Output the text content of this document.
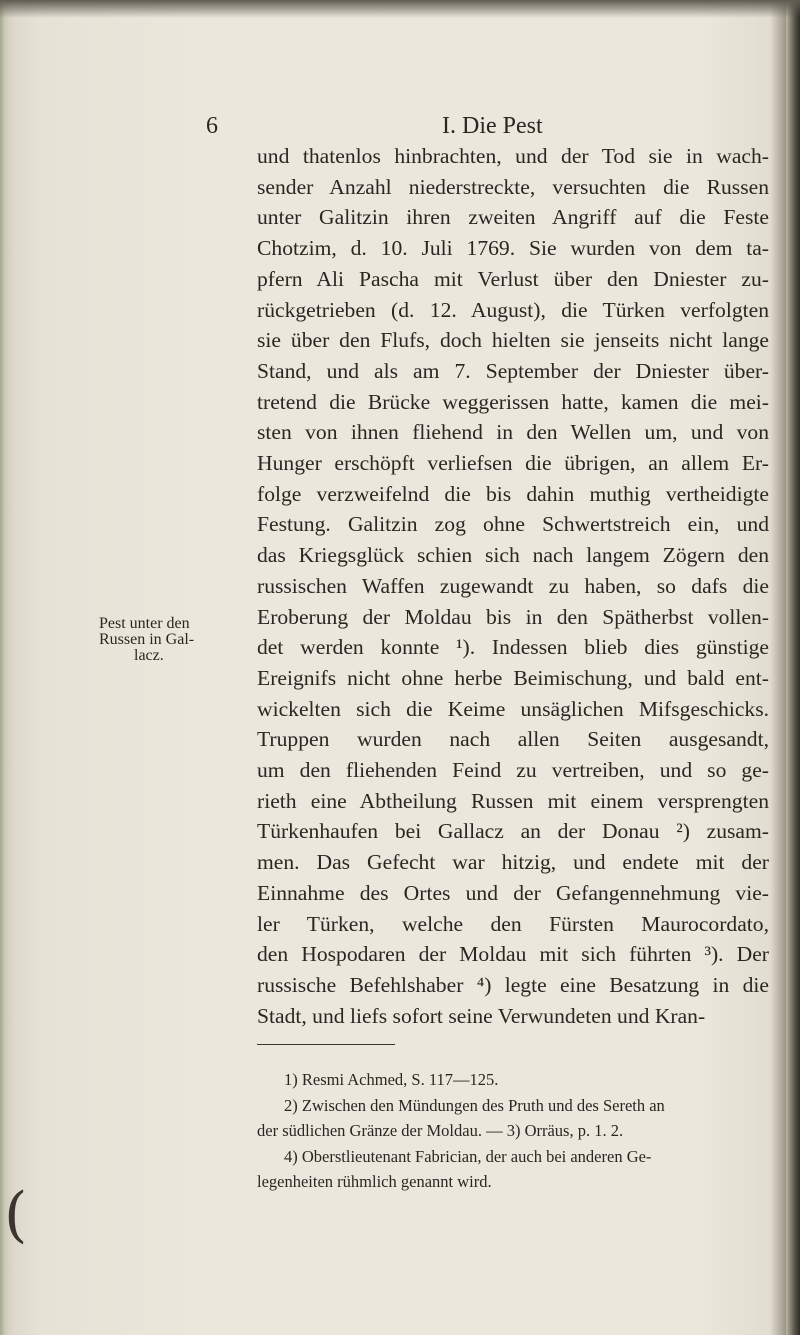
6	I. Die Pest
und thatenlos hinbrachten, und der Tod sie in wach-
sender Anzahl niederstreckte, versuchten die Russen
unter Galitzin ihren zweiten Angriff auf die Feste
Chotzim, d. 10. Juli 1769. Sie wurden von dem ta-
pfern Ali Pascha mit Verlust über den Dniester zu-
rückgetrieben (d. 12. August), die Türken verfolgten
sie über den Flufs, doch hielten sie jenseits nicht lange
Stand, und als am 7. September der Dniester über-
tretend die Brücke weggerissen hatte, kamen die mei-
sten von ihnen fliehend in den Wellen um, und von
Hunger erschöpft verliefsen die übrigen, an allem Er-
folge verzweifelnd die bis dahin muthig vertheidigte
Festung. Galitzin zog ohne Schwertstreich ein, und
das Kriegsglück schien sich nach langem Zögern den
russischen Waffen zugewandt zu haben, so dafs die
Eroberung der Moldau bis in den Spätherbst vollen-
det werden konnte ¹). Indessen blieb dies günstige
Ereignifs nicht ohne herbe Beimischung, und bald ent-
wickelten sich die Keime unsäglichen Mifsgeschicks.
Truppen wurden nach allen Seiten ausgesandt,
um den fliehenden Feind zu vertreiben, und so ge-
rieth eine Abtheilung Russen mit einem versprengten
Türkenhaufen bei Gallacz an der Donau ²) zusam-
men. Das Gefecht war hitzig, und endete mit der
Einnahme des Ortes und der Gefangennehmung vie-
ler Türken, welche den Fürsten Maurocordato,
den Hospodaren der Moldau mit sich führten ³). Der
russische Befehlshaber ⁴) legte eine Besatzung in die
Stadt, und liefs sofort seine Verwundeten und Kran-
Pest unter den
Russen in Gal-
lacz.
1) Resmi Achmed, S. 117—125.
2) Zwischen den Mündungen des Pruth und des Sereth an
der südlichen Gränze der Moldau. — 3) Orräus, p. 1. 2.
4) Oberstlieutenant Fabrician, der auch bei anderen Ge-
legenheiten rühmlich genannt wird.
(
